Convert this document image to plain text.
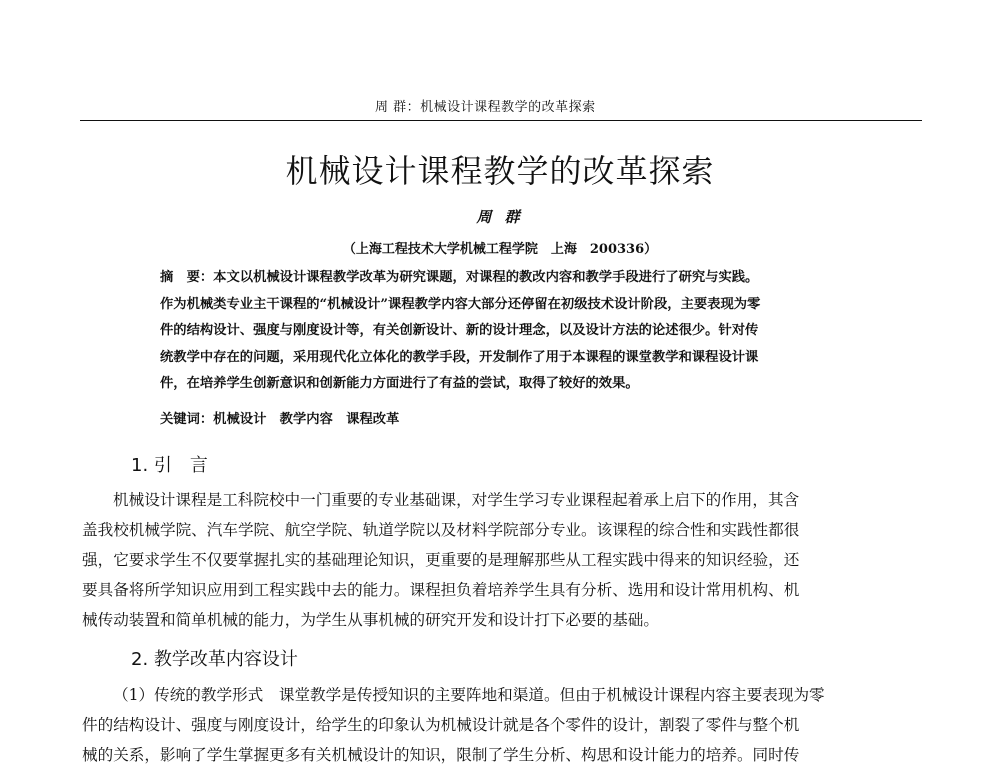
周 群：机械设计课程教学的改革探索
机械设计课程教学的改革探索
周 群
（上海工程技术大学机械工程学院　上海　200336）
摘　要：本文以机械设计课程教学改革为研究课题，对课程的教改内容和教学手段进行了研究与实践。
作为机械类专业主干课程的“机械设计”课程教学内容大部分还停留在初级技术设计阶段，主要表现为零
件的结构设计、强度与刚度设计等，有关创新设计、新的设计理念，以及设计方法的论述很少。针对传
统教学中存在的问题，采用现代化立体化的教学手段，开发制作了用于本课程的课堂教学和课程设计课
件，在培养学生创新意识和创新能力方面进行了有益的尝试，取得了较好的效果。
关键词：机械设计　教学内容　课程改革
1. 引　言
机械设计课程是工科院校中一门重要的专业基础课，对学生学习专业课程起着承上启下的作用，其含
盖我校机械学院、汽车学院、航空学院、轨道学院以及材料学院部分专业。该课程的综合性和实践性都很
强，它要求学生不仅要掌握扎实的基础理论知识，更重要的是理解那些从工程实践中得来的知识经验，还
要具备将所学知识应用到工程实践中去的能力。课程担负着培养学生具有分析、选用和设计常用机构、机
械传动装置和简单机械的能力，为学生从事机械的研究开发和设计打下必要的基础。
2. 教学改革内容设计
（1）传统的教学形式　课堂教学是传授知识的主要阵地和渠道。但由于机械设计课程内容主要表现为零
件的结构设计、强度与刚度设计，给学生的印象认为机械设计就是各个零件的设计，割裂了零件与整个机
械的关系，影响了学生掌握更多有关机械设计的知识，限制了学生分析、构思和设计能力的培养。同时传
